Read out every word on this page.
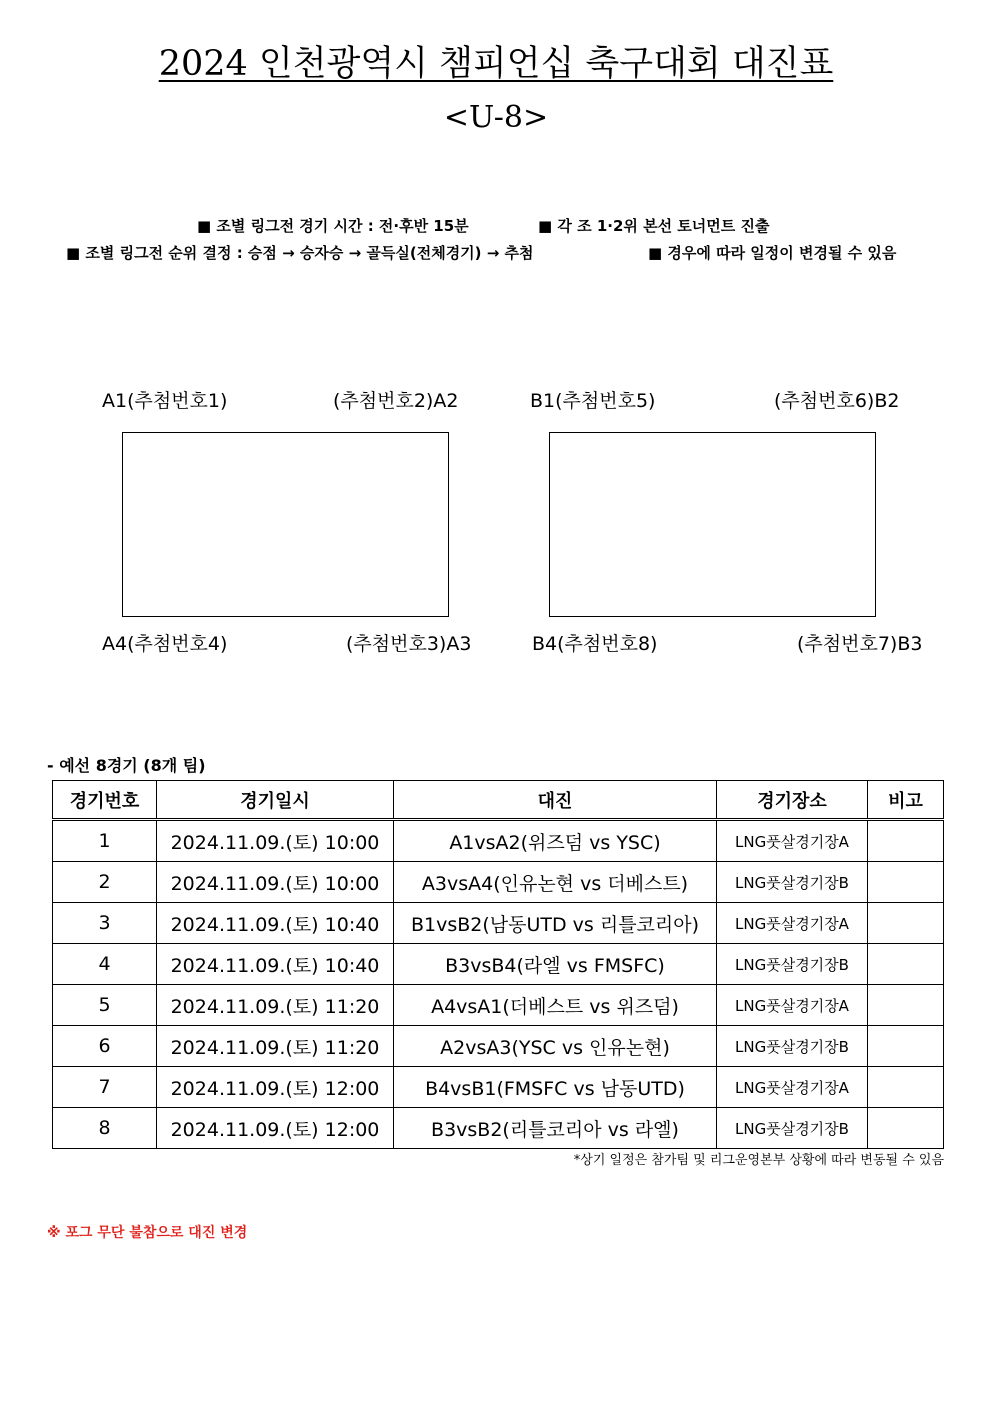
2024 인천광역시 챔피언십 축구대회 대진표
<U-8>
■ 조별 링그전 경기 시간 : 전·후반 15분	■ 각 조 1·2위 본선 토너먼트 진출
■ 조별 링그전 순위 결정 : 승점 → 승자승 → 골득실(전체경기) → 추첨	■ 경우에 따라 일정이 변경될 수 있음
A1(추첨번호1)	(추첨번호2)A2
A4(추첨번호4)	(추첨번호3)A3
B1(추첨번호5)	(추첨번호6)B2
B4(추첨번호8)	(추첨번호7)B3
- 예선 8경기 (8개 팀)
경기번호	경기일시	대진	경기장소	비고
1	2024.11.09.(토) 10:00	A1vsA2(위즈덤 vs YSC)	LNG풋살경기장A	
2	2024.11.09.(토) 10:00	A3vsA4(인유논현 vs 더베스트)	LNG풋살경기장B	
3	2024.11.09.(토) 10:40	B1vsB2(남동UTD vs 리틀코리아)	LNG풋살경기장A	
4	2024.11.09.(토) 10:40	B3vsB4(라엘 vs FMSFC)	LNG풋살경기장B	
5	2024.11.09.(토) 11:20	A4vsA1(더베스트 vs 위즈덤)	LNG풋살경기장A	
6	2024.11.09.(토) 11:20	A2vsA3(YSC vs 인유논현)	LNG풋살경기장B	
7	2024.11.09.(토) 12:00	B4vsB1(FMSFC vs 남동UTD)	LNG풋살경기장A	
8	2024.11.09.(토) 12:00	B3vsB2(리틀코리아 vs 라엘)	LNG풋살경기장B	
*상기 일정은 참가팀 및 리그운영본부 상황에 따라 변동될 수 있음
※ 포그 무단 불참으로 대진 변경
